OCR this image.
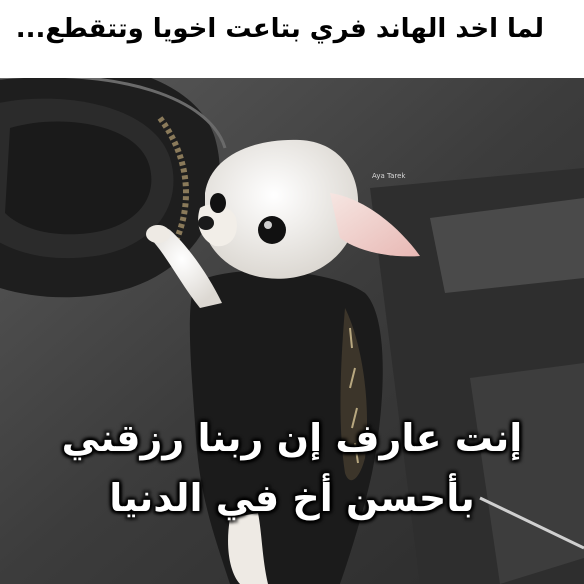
لما اخد الهاند فري بتاعت اخويا وتتقطع...
Aya Tarek
إنت عارف إن ربنا رزقني
بأحسن أخ في الدنيا
